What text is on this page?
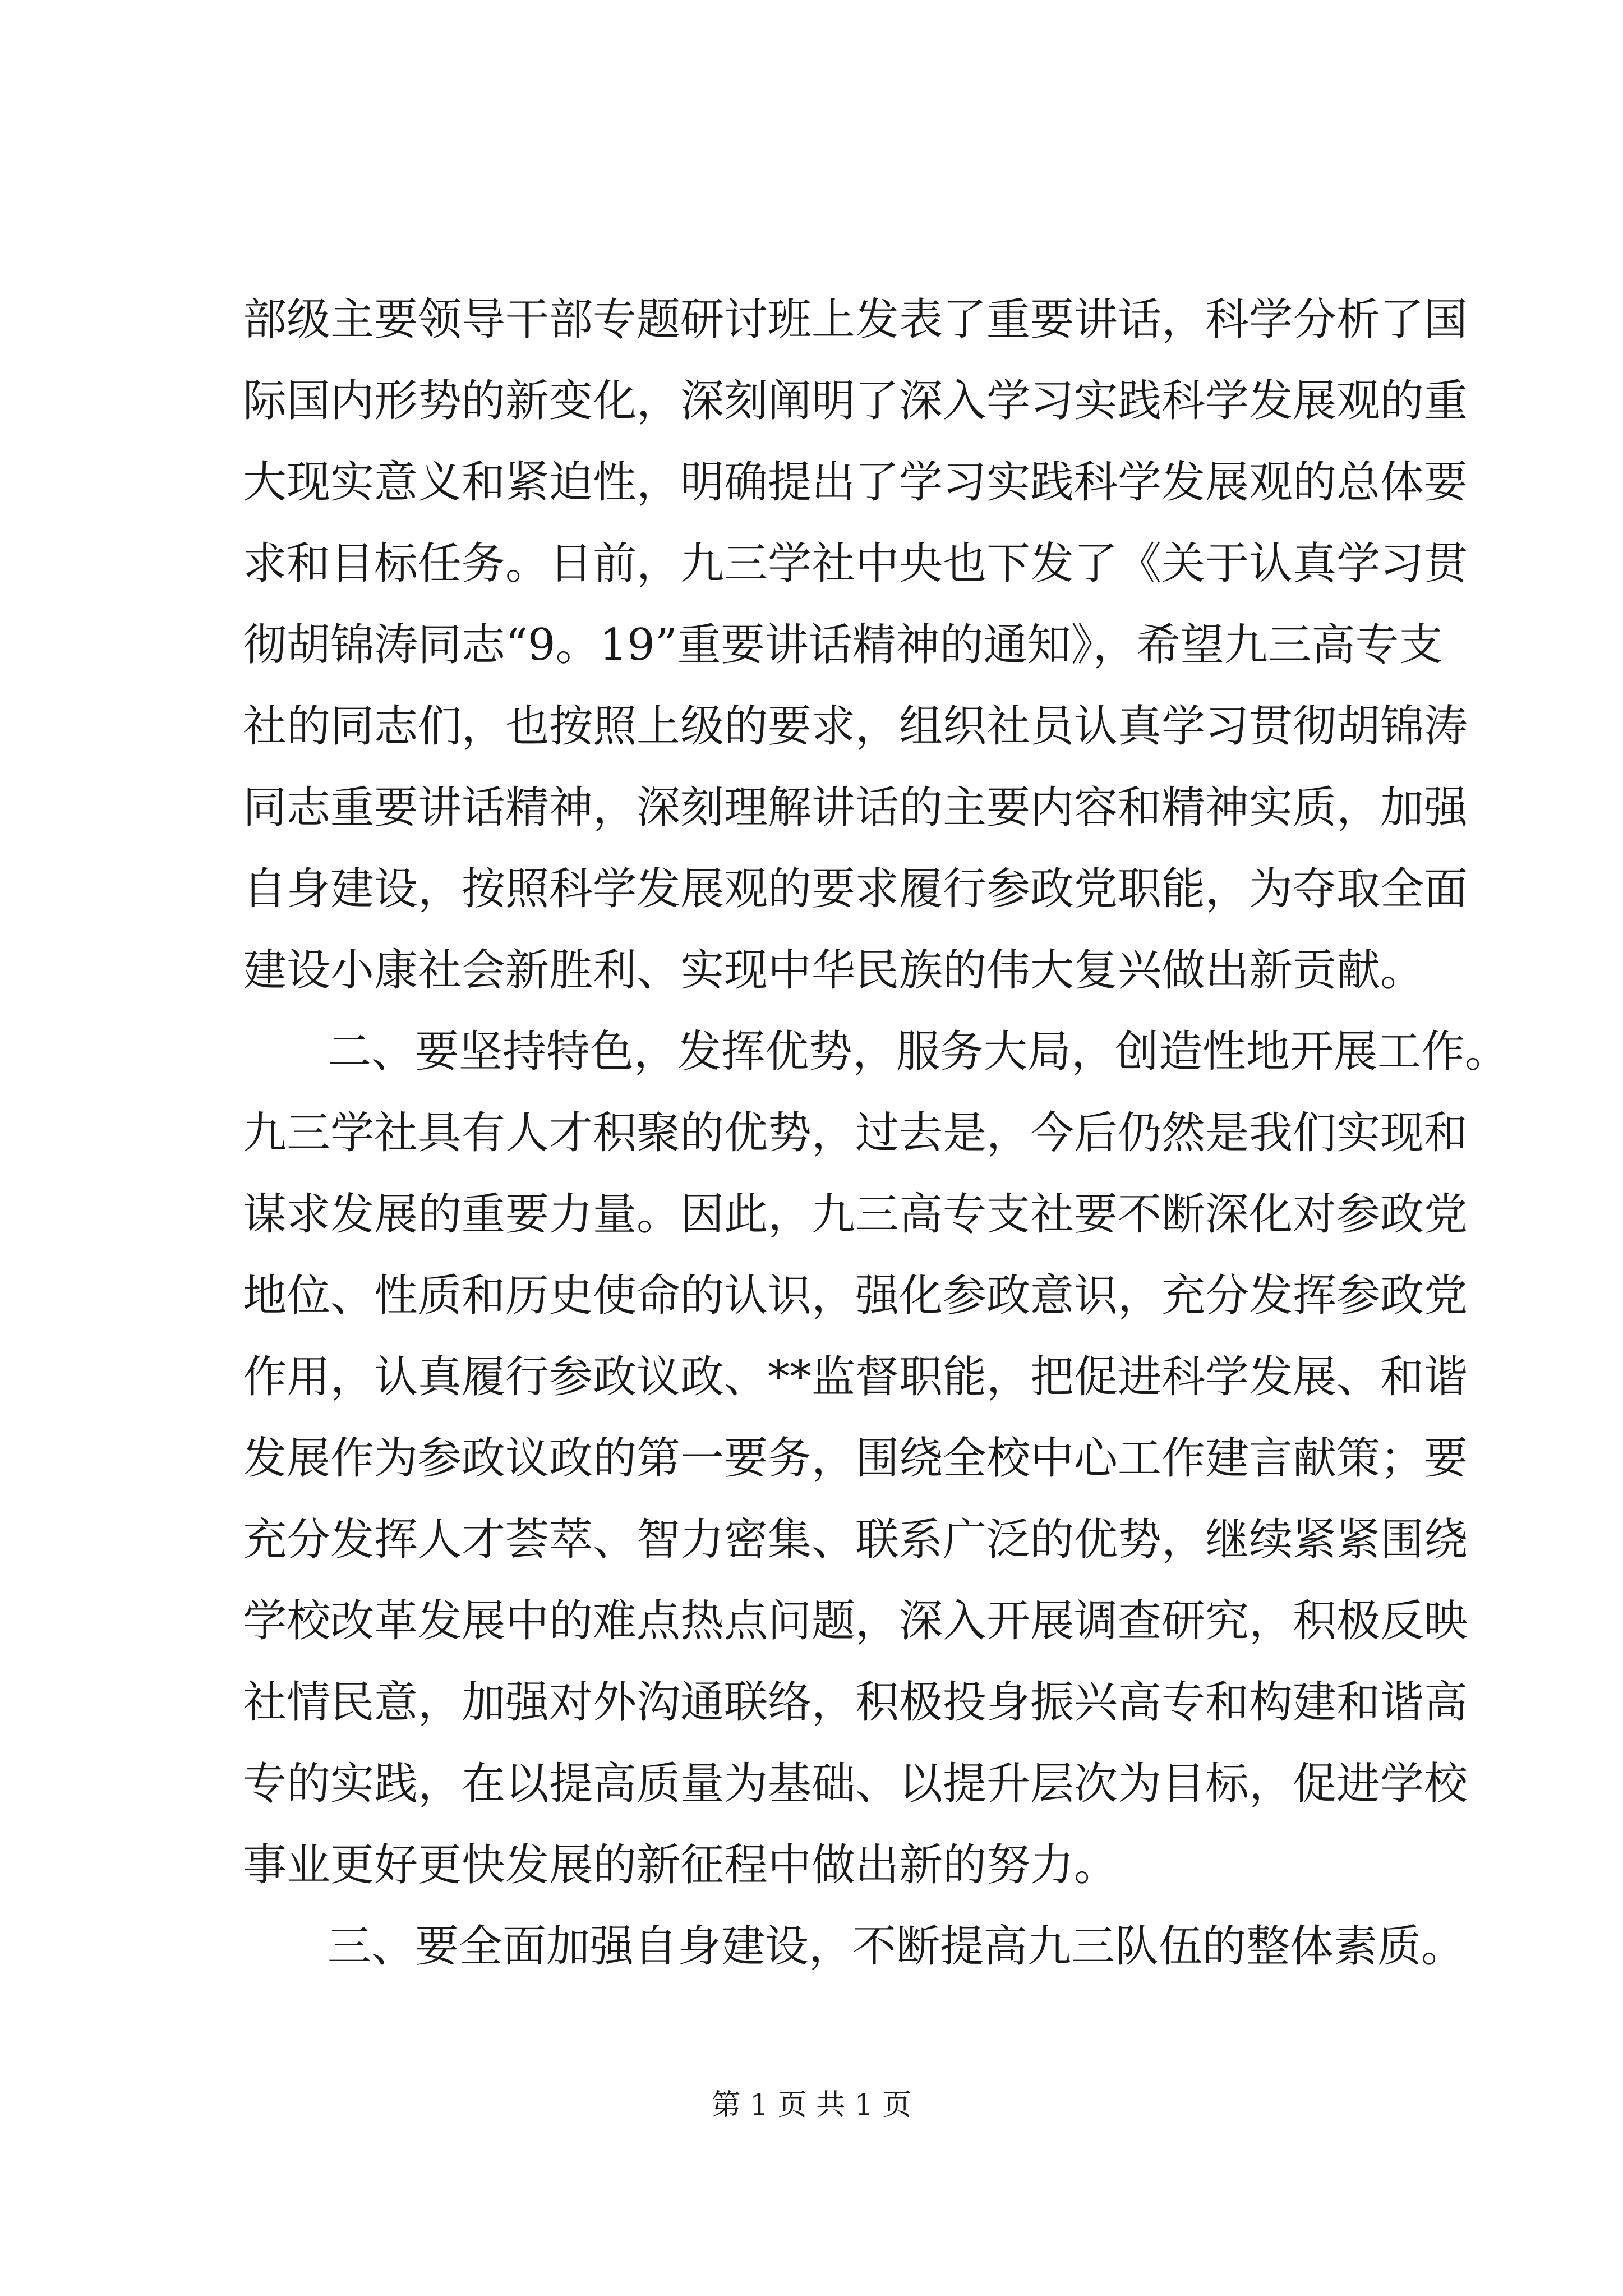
部级主要领导干部专题研讨班上发表了重要讲话，科学分析了国
际国内形势的新变化，深刻阐明了深入学习实践科学发展观的重
大现实意义和紧迫性，明确提出了学习实践科学发展观的总体要
求和目标任务。日前，九三学社中央也下发了《关于认真学习贯
彻胡锦涛同志“9。19”重要讲话精神的通知》，希望九三高专支
社的同志们，也按照上级的要求，组织社员认真学习贯彻胡锦涛
同志重要讲话精神，深刻理解讲话的主要内容和精神实质，加强
自身建设，按照科学发展观的要求履行参政党职能，为夺取全面
建设小康社会新胜利、实现中华民族的伟大复兴做出新贡献。
二、要坚持特色，发挥优势，服务大局，创造性地开展工作。
九三学社具有人才积聚的优势，过去是，今后仍然是我们实现和
谋求发展的重要力量。因此，九三高专支社要不断深化对参政党
地位、性质和历史使命的认识，强化参政意识，充分发挥参政党
作用，认真履行参政议政、**监督职能，把促进科学发展、和谐
发展作为参政议政的第一要务，围绕全校中心工作建言献策；要
充分发挥人才荟萃、智力密集、联系广泛的优势，继续紧紧围绕
学校改革发展中的难点热点问题，深入开展调查研究，积极反映
社情民意，加强对外沟通联络，积极投身振兴高专和构建和谐高
专的实践，在以提高质量为基础、以提升层次为目标，促进学校
事业更好更快发展的新征程中做出新的努力。
三、要全面加强自身建设，不断提高九三队伍的整体素质。
第 1 页 共 1 页
